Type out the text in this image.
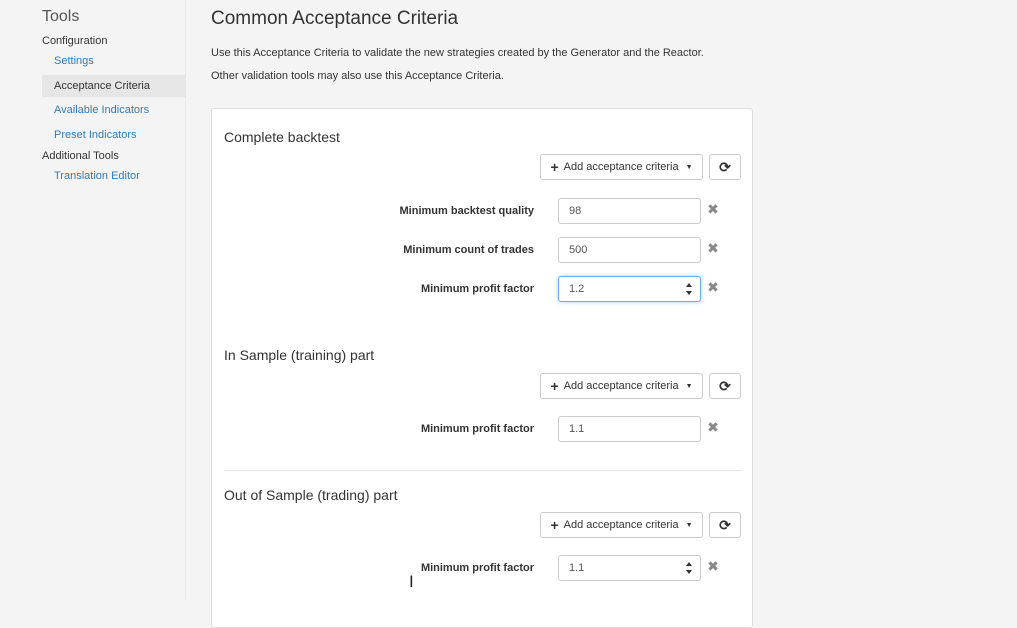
Tools
Configuration
Settings
Acceptance Criteria
Available Indicators
Preset Indicators
Additional Tools
Translation Editor
Common Acceptance Criteria
Use this Acceptance Criteria to validate the new strategies created by the Generator and the Reactor.
Other validation tools may also use this Acceptance Criteria.
Complete backtest
+ Add acceptance criteria ▼ ⟳
Minimum backtest quality	98	✖
Minimum count of trades	500	✖
Minimum profit factor	1.2	✖
In Sample (training) part
+ Add acceptance criteria ▼ ⟳
Minimum profit factor	1.1	✖
Out of Sample (trading) part
+ Add acceptance criteria ▼ ⟳
Minimum profit factor	1.1	✖
I
